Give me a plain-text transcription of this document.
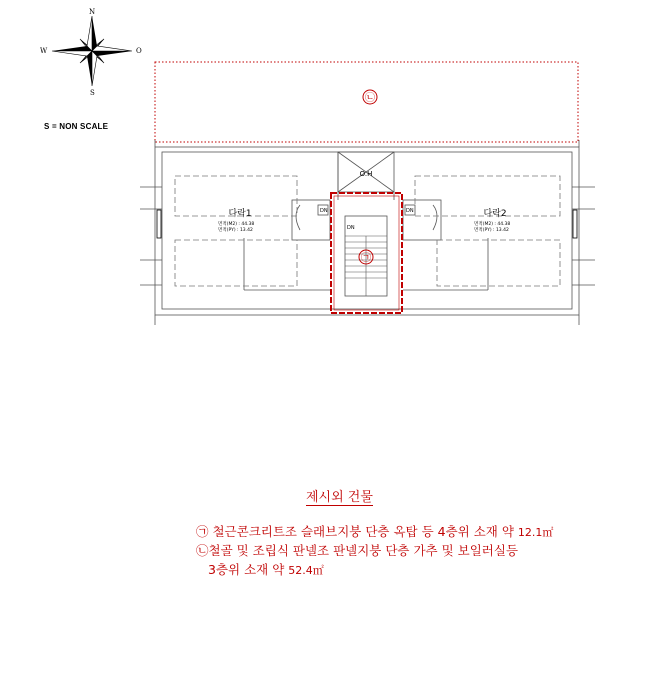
N
S
O
W
S = NON SCALE
㉡
㉠
O.H
DN	DN
DN
다락1
면적(M2) : 44.38
면적(PY) : 13.42
다락2
면적(M2) : 44.38
면적(PY) : 13.42
제시외 건물
㉠ 철근콘크리트조 슬래브지붕 단층 옥탑 등 4층위 소재 약 12.1㎡
㉡철골 및 조립식 판넬조 판넬지붕 단층 가추 및 보일러실등
3층위 소재 약 52.4㎡
